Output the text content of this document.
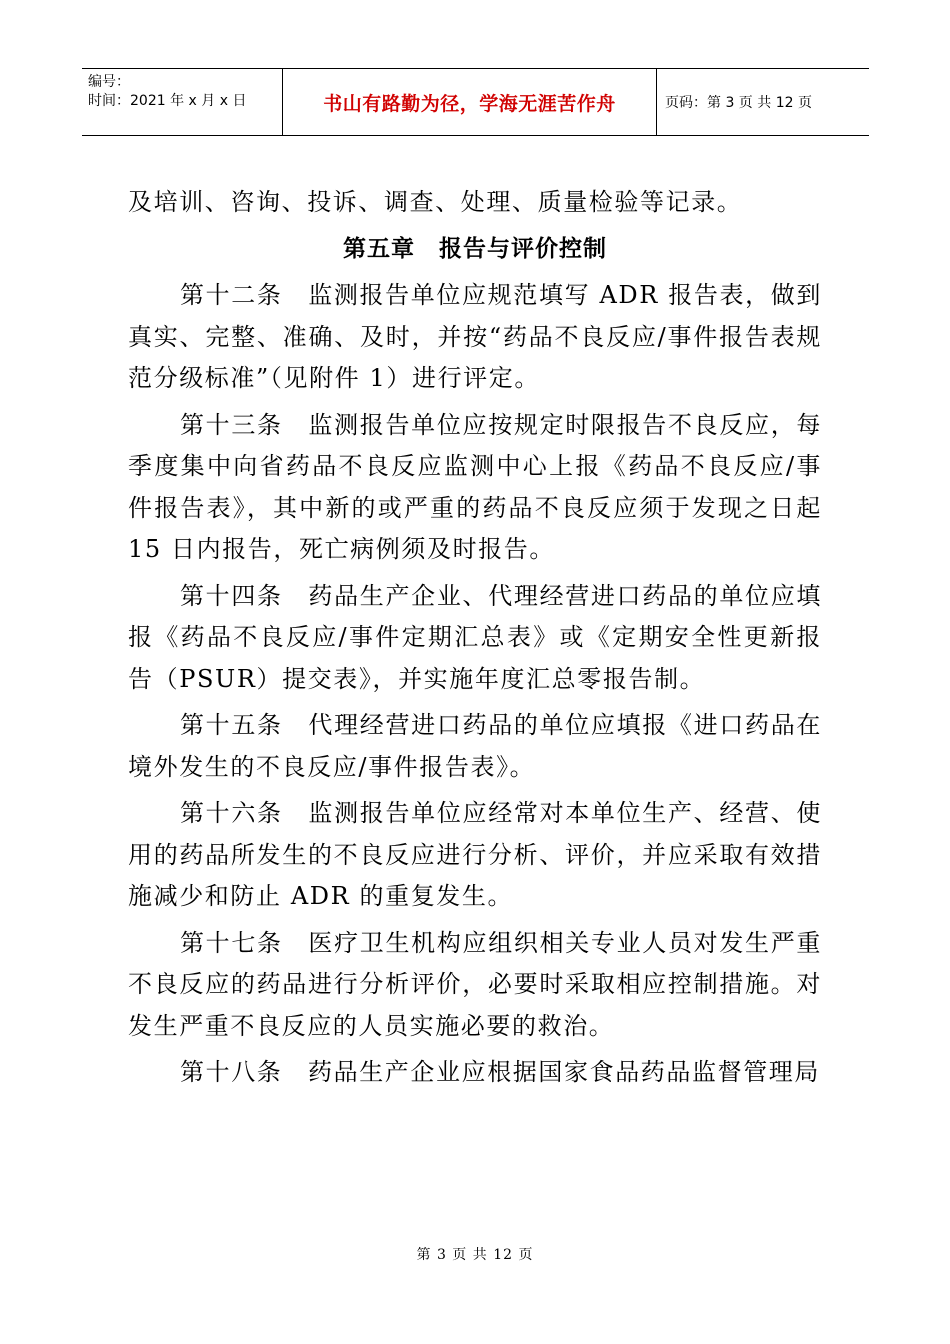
编号：
时间：2021 年 x 月 x 日	书山有路勤为径，学海无涯苦作舟	页码：第 3 页 共 12 页

及培训、咨询、投诉、调查、处理、质量检验等记录。

第五章　报告与评价控制

第十二条　监测报告单位应规范填写 ADR 报告表，做到真实、完整、准确、及时，并按“药品不良反应/事件报告表规范分级标准”（见附件 1）进行评定。

第十三条　监测报告单位应按规定时限报告不良反应，每季度集中向省药品不良反应监测中心上报《药品不良反应/事件报告表》，其中新的或严重的药品不良反应须于发现之日起 15 日内报告，死亡病例须及时报告。

第十四条　药品生产企业、代理经营进口药品的单位应填报《药品不良反应/事件定期汇总表》或《定期安全性更新报告（PSUR）提交表》，并实施年度汇总零报告制。

第十五条　代理经营进口药品的单位应填报《进口药品在境外发生的不良反应/事件报告表》。

第十六条　监测报告单位应经常对本单位生产、经营、使用的药品所发生的不良反应进行分析、评价，并应采取有效措施减少和防止 ADR 的重复发生。

第十七条　医疗卫生机构应组织相关专业人员对发生严重不良反应的药品进行分析评价，必要时采取相应控制措施。对发生严重不良反应的人员实施必要的救治。

第十八条　药品生产企业应根据国家食品药品监督管理局

第 3 页 共 12 页
